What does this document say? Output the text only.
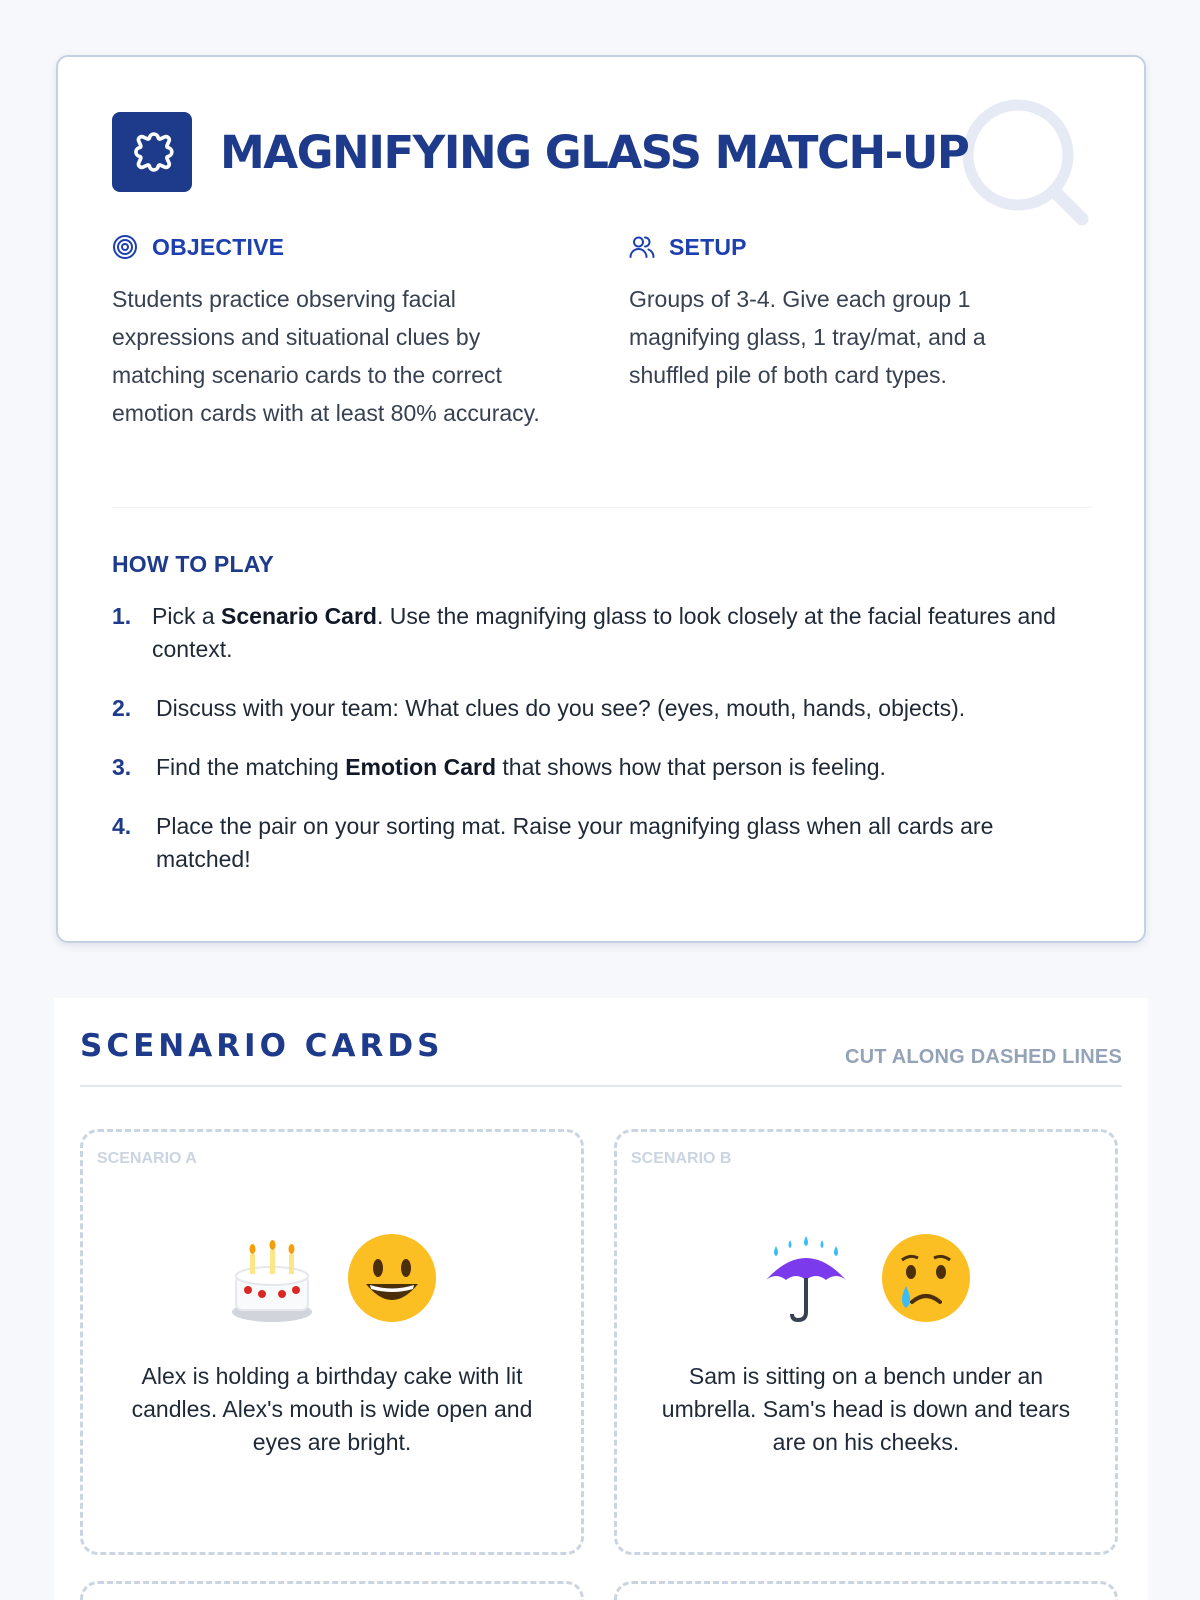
MAGNIFYING GLASS MATCH-UP
OBJECTIVE

Students practice observing facial expressions and situational clues by matching scenario cards to the correct emotion cards with at least 80% accuracy.

SETUP

Groups of 3-4. Give each group 1 magnifying glass, 1 tray/mat, and a shuffled pile of both card types.

HOW TO PLAY
1. Pick a Scenario Card. Use the magnifying glass to look closely at the facial features and context.
2.	Discuss with your team: What clues do you see? (eyes, mouth, hands, objects).
3.	Find the matching Emotion Card that shows how that person is feeling.
4.	Place the pair on your sorting mat. Raise your magnifying glass when all cards are matched!
SCENARIO CARDS	CUT ALONG DASHED LINES
SCENARIO A

Alex is holding a birthday cake with lit candles. Alex's mouth is wide open and eyes are bright.

SCENARIO B

Sam is sitting on a bench under an umbrella. Sam's head is down and tears are on his cheeks.
